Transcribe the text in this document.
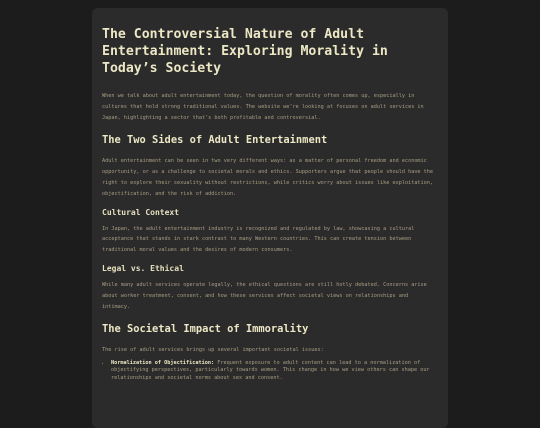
The Controversial Nature of Adult Entertainment: Exploring Morality in Today’s Society

When we talk about adult entertainment today, the question of morality often comes up, especially in cultures that hold strong traditional values. The website we’re looking at focuses on adult services in Japan, highlighting a sector that’s both profitable and controversial.

The Two Sides of Adult Entertainment

Adult entertainment can be seen in two very different ways: as a matter of personal freedom and economic opportunity, or as a challenge to societal morals and ethics. Supporters argue that people should have the right to explore their sexuality without restrictions, while critics worry about issues like exploitation, objectification, and the risk of addiction.

Cultural Context

In Japan, the adult entertainment industry is recognized and regulated by law, showcasing a cultural acceptance that stands in stark contrast to many Western countries. This can create tension between traditional moral values and the desires of modern consumers.

Legal vs. Ethical

While many adult services operate legally, the ethical questions are still hotly debated. Concerns arise about worker treatment, consent, and how these services affect societal views on relationships and intimacy.

The Societal Impact of Immorality

The rise of adult services brings up several important societal issues:

• Normalization of Objectification: Frequent exposure to adult content can lead to a normalization of objectifying perspectives, particularly towards women. This change in how we view others can shape our relationships and societal norms about sex and consent.
